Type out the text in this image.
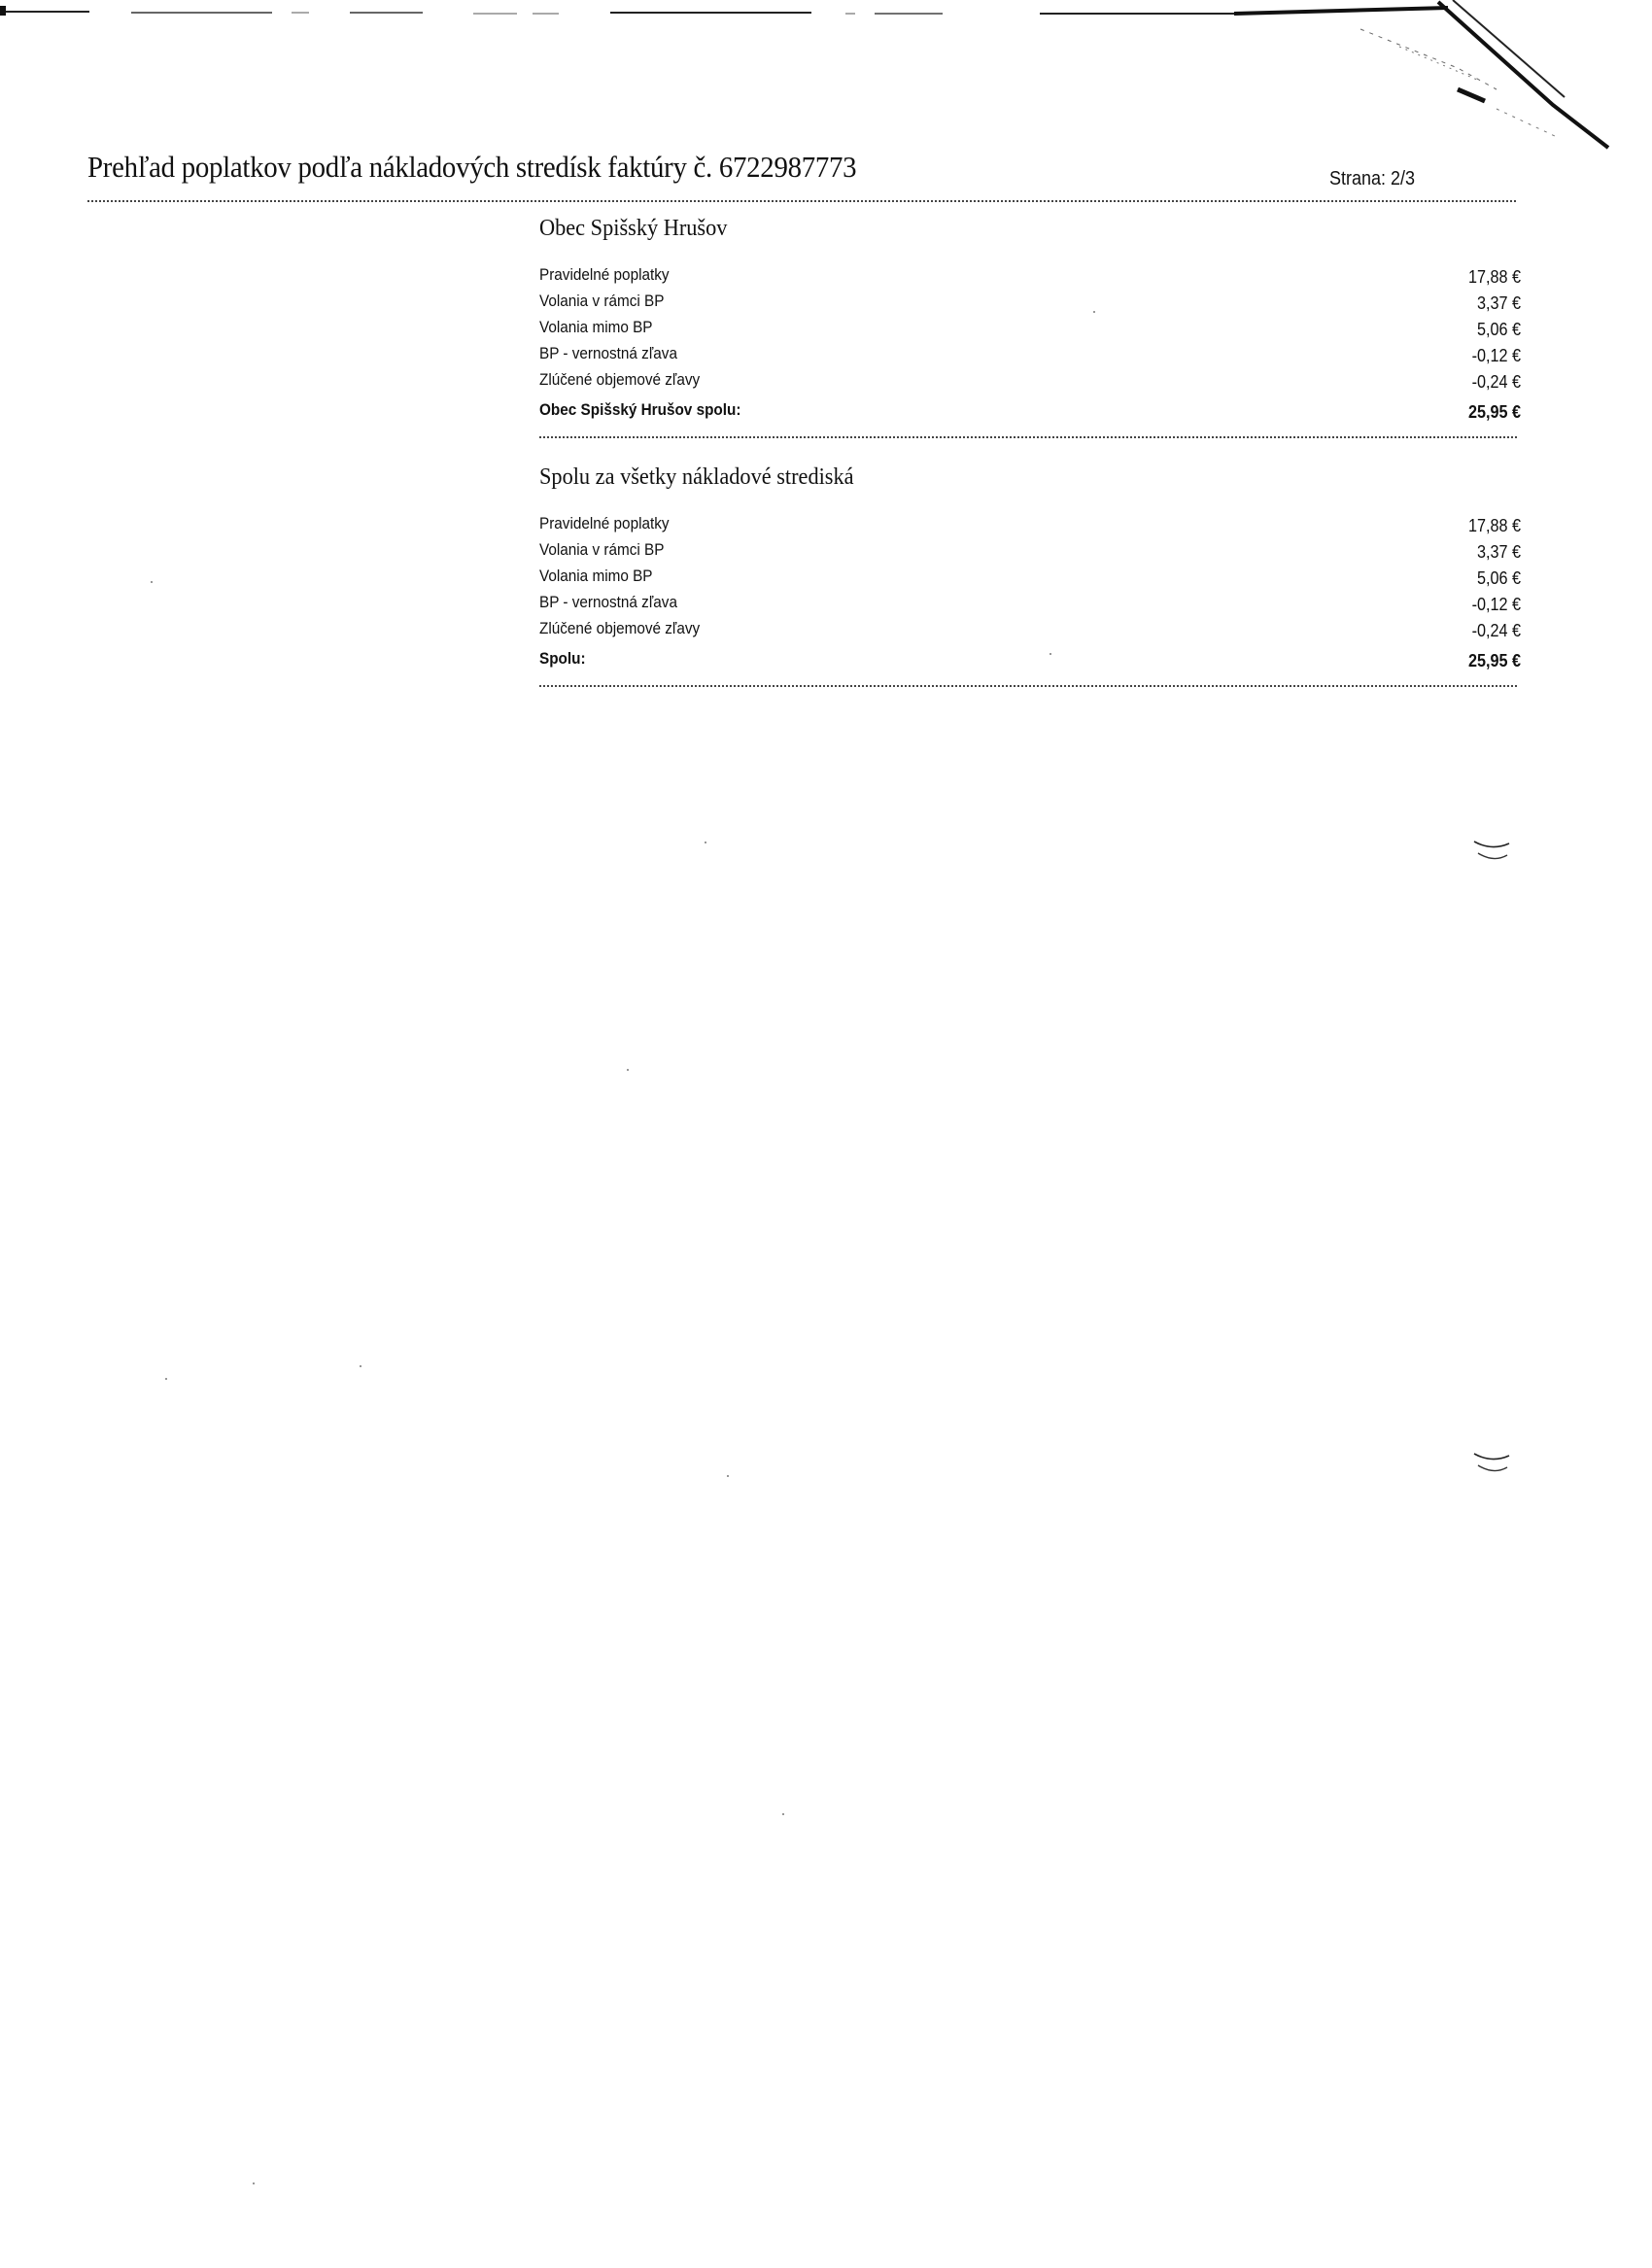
Prehľad poplatkov podľa nákladových stredísk faktúry č. 6722987773	Strana: 2/3
Obec Spišský Hrušov
Pravidelné poplatky	17,88 €
Volania v rámci BP	3,37 €
Volania mimo BP	5,06 €
BP - vernostná zľava	-0,12 €
Zlúčené objemové zľavy	-0,24 €
Obec Spišský Hrušov spolu:	25,95 €
Spolu za všetky nákladové strediská
Pravidelné poplatky	17,88 €
Volania v rámci BP	3,37 €
Volania mimo BP	5,06 €
BP - vernostná zľava	-0,12 €
Zlúčené objemové zľavy	-0,24 €
Spolu:	25,95 €
